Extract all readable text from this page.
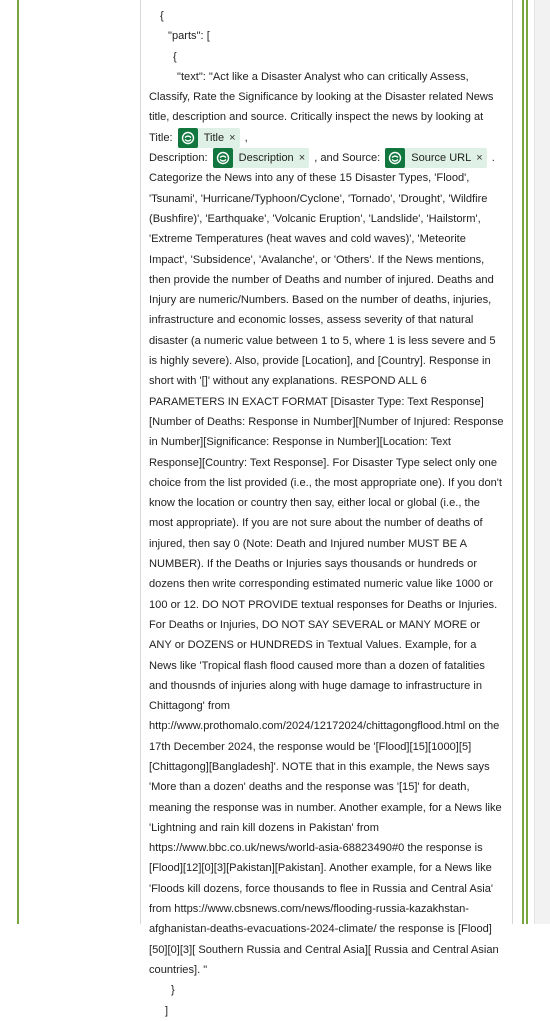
{
"parts": [
{
"text": "Act like a Disaster Analyst who can critically Assess, Classify, Rate the Significance by looking at the Disaster related News title, description and source. Critically inspect the news by looking at Title:	Title × ,
Description:	Description × , and Source:	Source URL × . Categorize the News into any of these 15 Disaster Types, 'Flood', 'Tsunami', 'Hurricane/Typhoon/Cyclone', 'Tornado', 'Drought', 'Wildfire (Bushfire)', 'Earthquake', 'Volcanic Eruption', 'Landslide', 'Hailstorm', 'Extreme Temperatures (heat waves and cold waves)', 'Meteorite Impact', 'Subsidence', 'Avalanche', or 'Others'. If the News mentions, then provide the number of Deaths and number of injured. Deaths and Injury are numeric/Numbers. Based on the number of deaths, injuries, infrastructure and economic losses, assess severity of that natural disaster (a numeric value between 1 to 5, where 1 is less severe and 5 is highly severe). Also, provide [Location], and [Country]. Response in short with '[]' without any explanations. RESPOND ALL 6 PARAMETERS IN EXACT FORMAT [Disaster Type: Text Response][Number of Deaths: Response in Number][Number of Injured: Response in Number][Significance: Response in Number][Location: Text Response][Country: Text Response]. For Disaster Type select only one choice from the list provided (i.e., the most appropriate one). If you don't know the location or country then say, either local or global (i.e., the most appropriate). If you are not sure about the number of deaths of injured, then say 0 (Note: Death and Injured number MUST BE A NUMBER). If the Deaths or Injuries says thousands or hundreds or dozens then write corresponding estimated numeric value like 1000 or 100 or 12. DO NOT PROVIDE textual responses for Deaths or Injuries. For Deaths or Injuries, DO NOT SAY SEVERAL or MANY MORE or ANY or DOZENS or HUNDREDS in Textual Values. Example, for a News like 'Tropical flash flood caused more than a dozen of fatalities and thousnds of injuries along with huge damage to infrastructure in Chittagong' from http://www.prothomalo.com/2024/12172024/chittagongflood.html on the 17th December 2024, the response would be '[Flood][15][1000][5][Chittagong][Bangladesh]'. NOTE that in this example, the News says 'More than a dozen' deaths and the response was '[15]' for death, meaning the response was in number. Another example, for a News like 'Lightning and rain kill dozens in Pakistan' from https://www.bbc.co.uk/news/world-asia-68823490#0 the response is [Flood][12][0][3][Pakistan][Pakistan]. Another example, for a News like 'Floods kill dozens, force thousands to flee in Russia and Central Asia' from https://www.cbsnews.com/news/flooding-russia-kazakhstan-afghanistan-deaths-evacuations-2024-climate/ the response is [Flood][50][0][3][ Southern Russia and Central Asia][ Russia and Central Asian countries]. "
}
]
